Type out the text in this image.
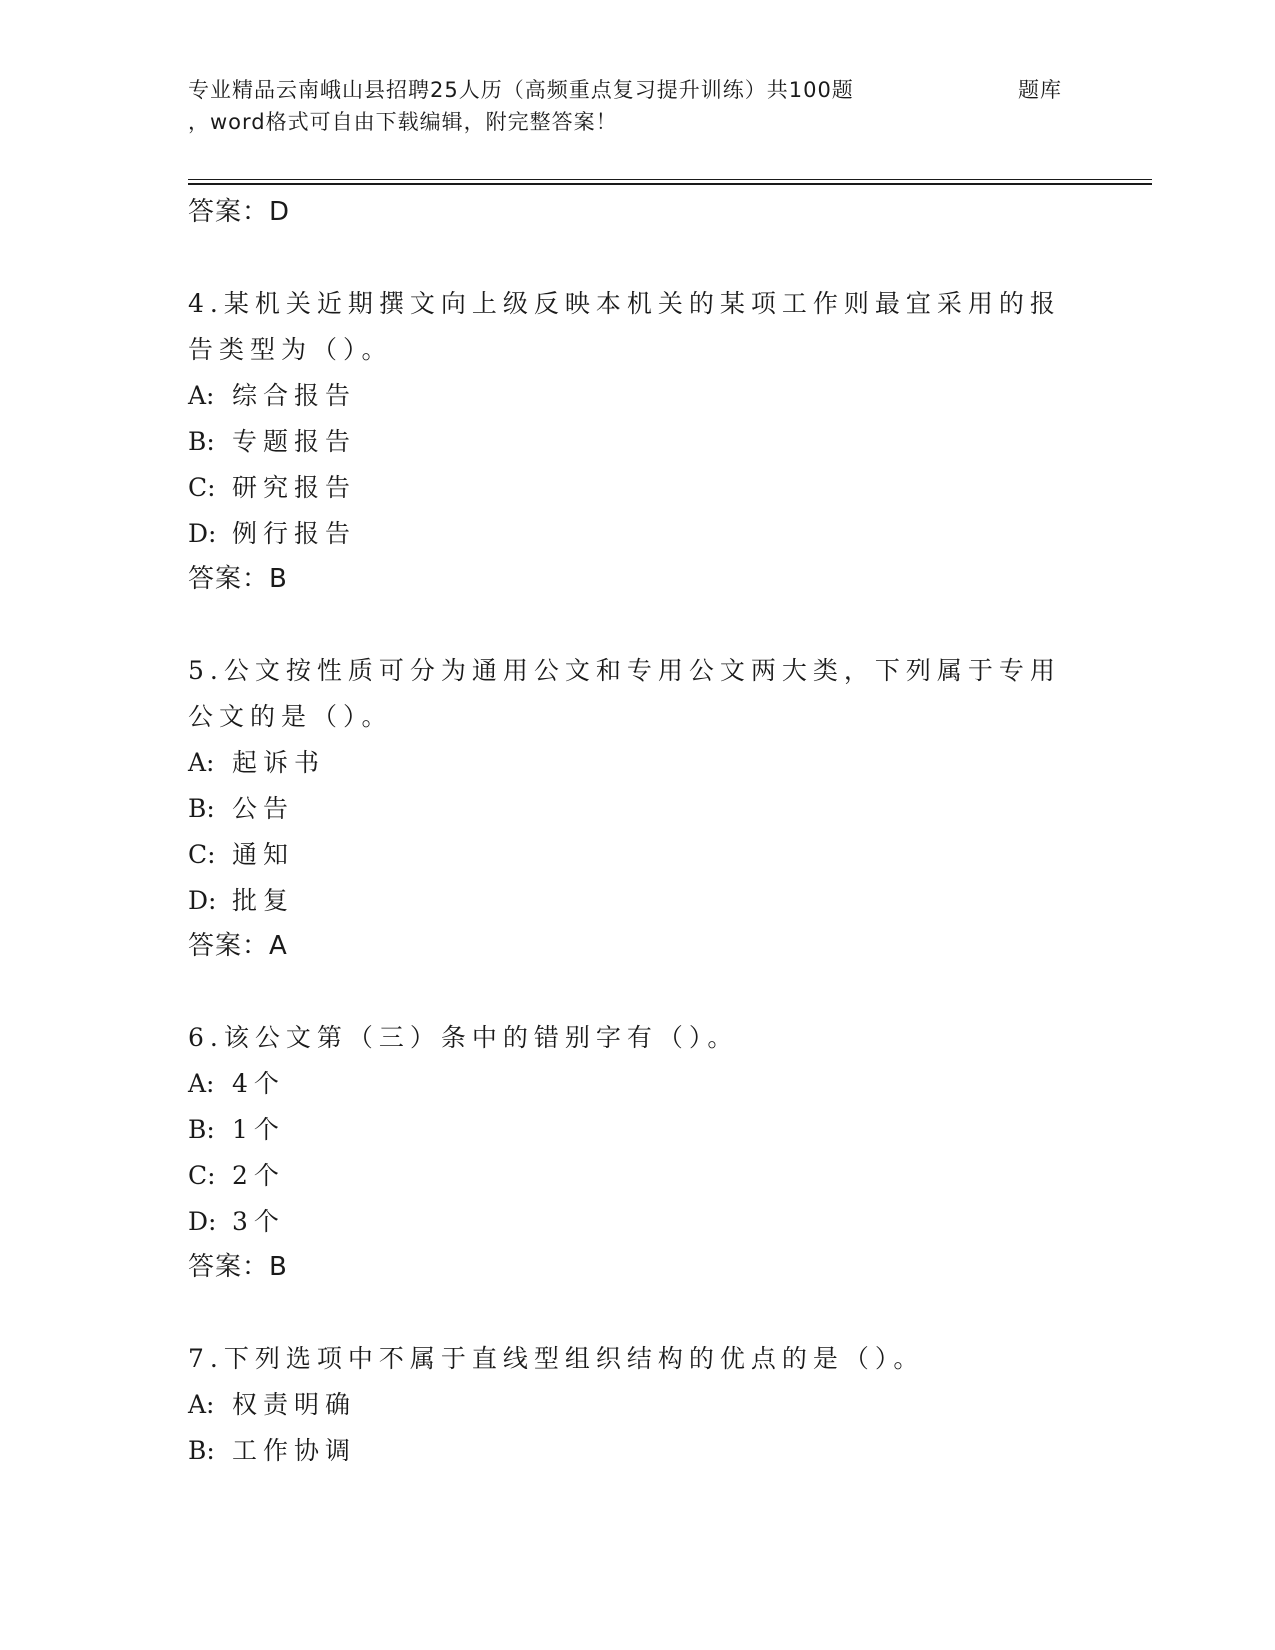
专业精品云南峨山县招聘25人历（高频重点复习提升训练）共100题	题库
，word格式可自由下载编辑，附完整答案！
答案：D
4.某机关近期撰文向上级反映本机关的某项工作则最宜采用的报告类型为（）。
A: 综合报告
B: 专题报告
C: 研究报告
D: 例行报告
答案：B
5.公文按性质可分为通用公文和专用公文两大类，下列属于专用公文的是（）。
A: 起诉书
B: 公告
C: 通知
D: 批复
答案：A
6.该公文第（三）条中的错别字有（）。
A: 4个
B: 1个
C: 2个
D: 3个
答案：B
7.下列选项中不属于直线型组织结构的优点的是（）。
A: 权责明确
B: 工作协调
